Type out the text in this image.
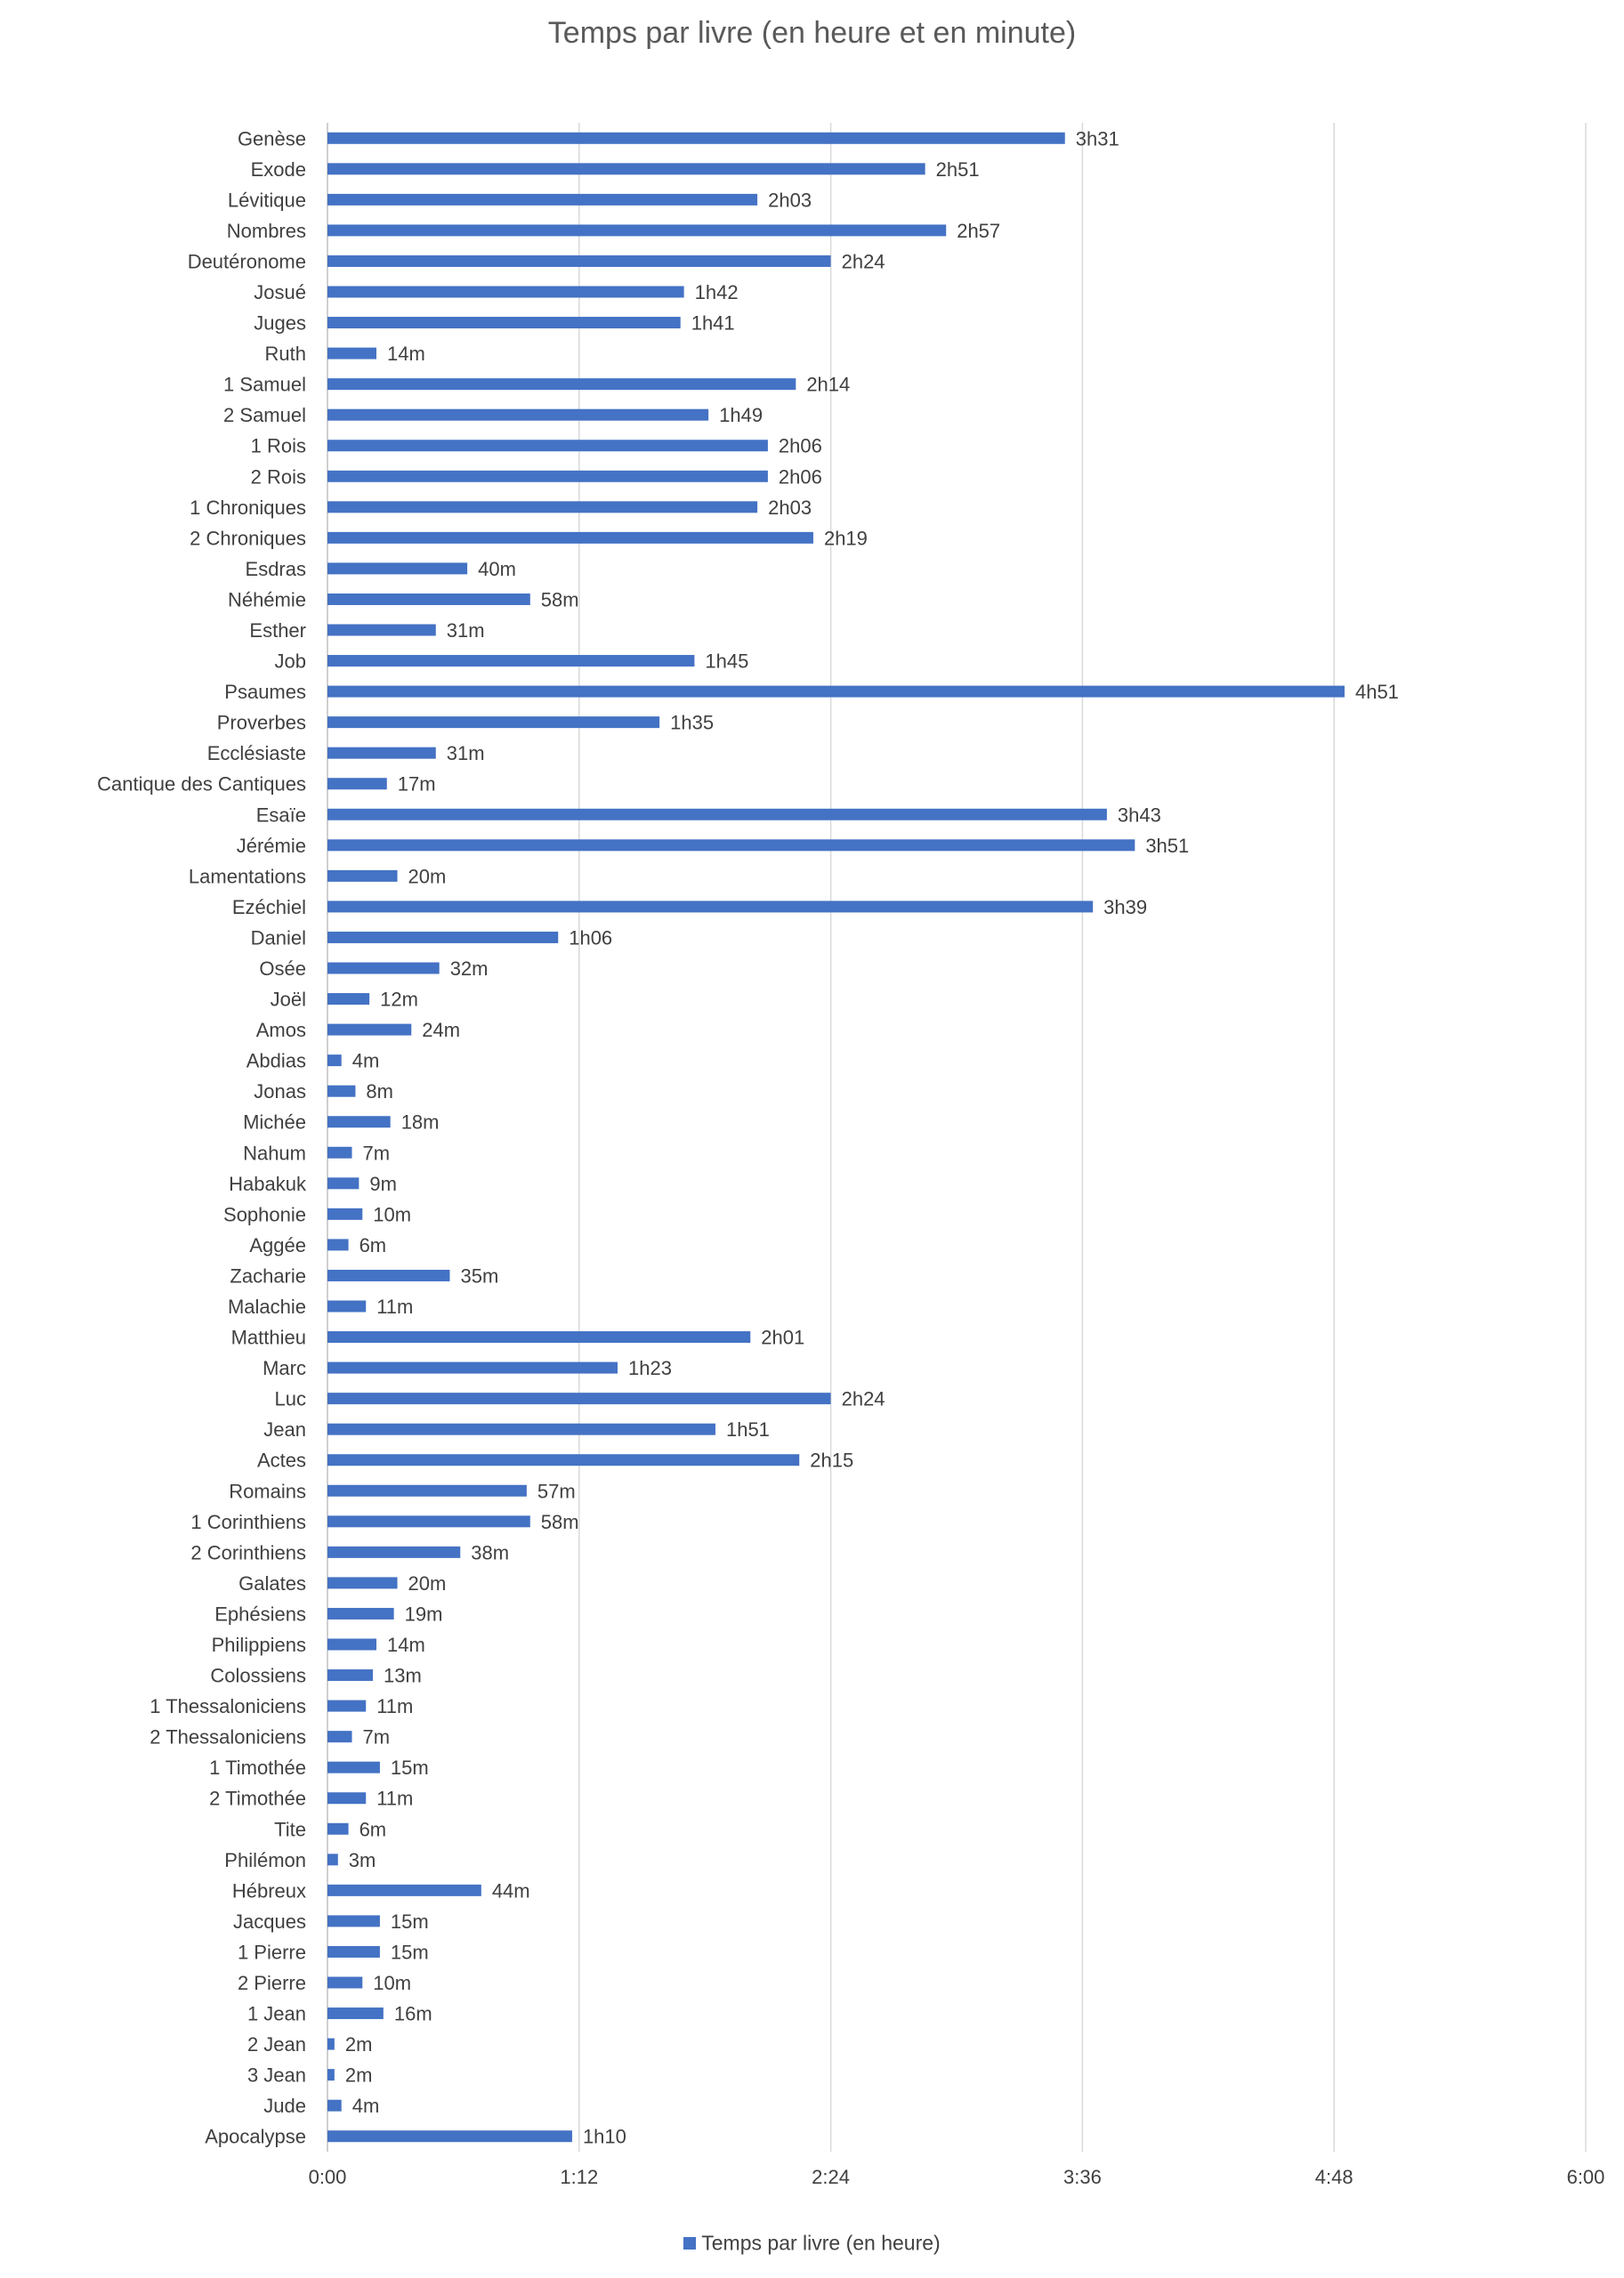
Temps par livre (en heure et en minute)
Genèse
Exode
Lévitique
Nombres
Deutéronome
Josué
Juges
Ruth
1 Samuel
2 Samuel
1 Rois
2 Rois
1 Chroniques
2 Chroniques
Esdras
Néhémie
Esther
Job
Psaumes
Proverbes
Ecclésiaste
Cantique des Cantiques
Esaïe
Jérémie
Lamentations
Ezéchiel
Daniel
Osée
Joël
Amos
Abdias
Jonas
Michée
Nahum
Habakuk
Sophonie
Aggée
Zacharie
Malachie
Matthieu
Marc
Luc
Jean
Actes
Romains
1 Corinthiens
2 Corinthiens
Galates
Ephésiens
Philippiens
Colossiens
1 Thessaloniciens
2 Thessaloniciens
1 Timothée
2 Timothée
Tite
Philémon
Hébreux
Jacques
1 Pierre
2 Pierre
1 Jean
2 Jean
3 Jean
Jude
Apocalypse
3h31
2h51
2h03
2h57
2h24
1h42
1h41
14m
2h14
1h49
2h06
2h06
2h03
2h19
40m
58m
31m
1h45
4h51
1h35
31m
17m
3h43
3h51
20m
3h39
1h06
32m
12m
24m
4m
8m
18m
7m
9m
10m
6m
35m
11m
2h01
1h23
2h24
1h51
2h15
57m
58m
38m
20m
19m
14m
13m
11m
7m
15m
11m
6m
3m
44m
15m
15m
10m
16m
2m
2m
4m
1h10
0:00	1:12	2:24	3:36	4:48	6:00
Temps par livre (en heure)
